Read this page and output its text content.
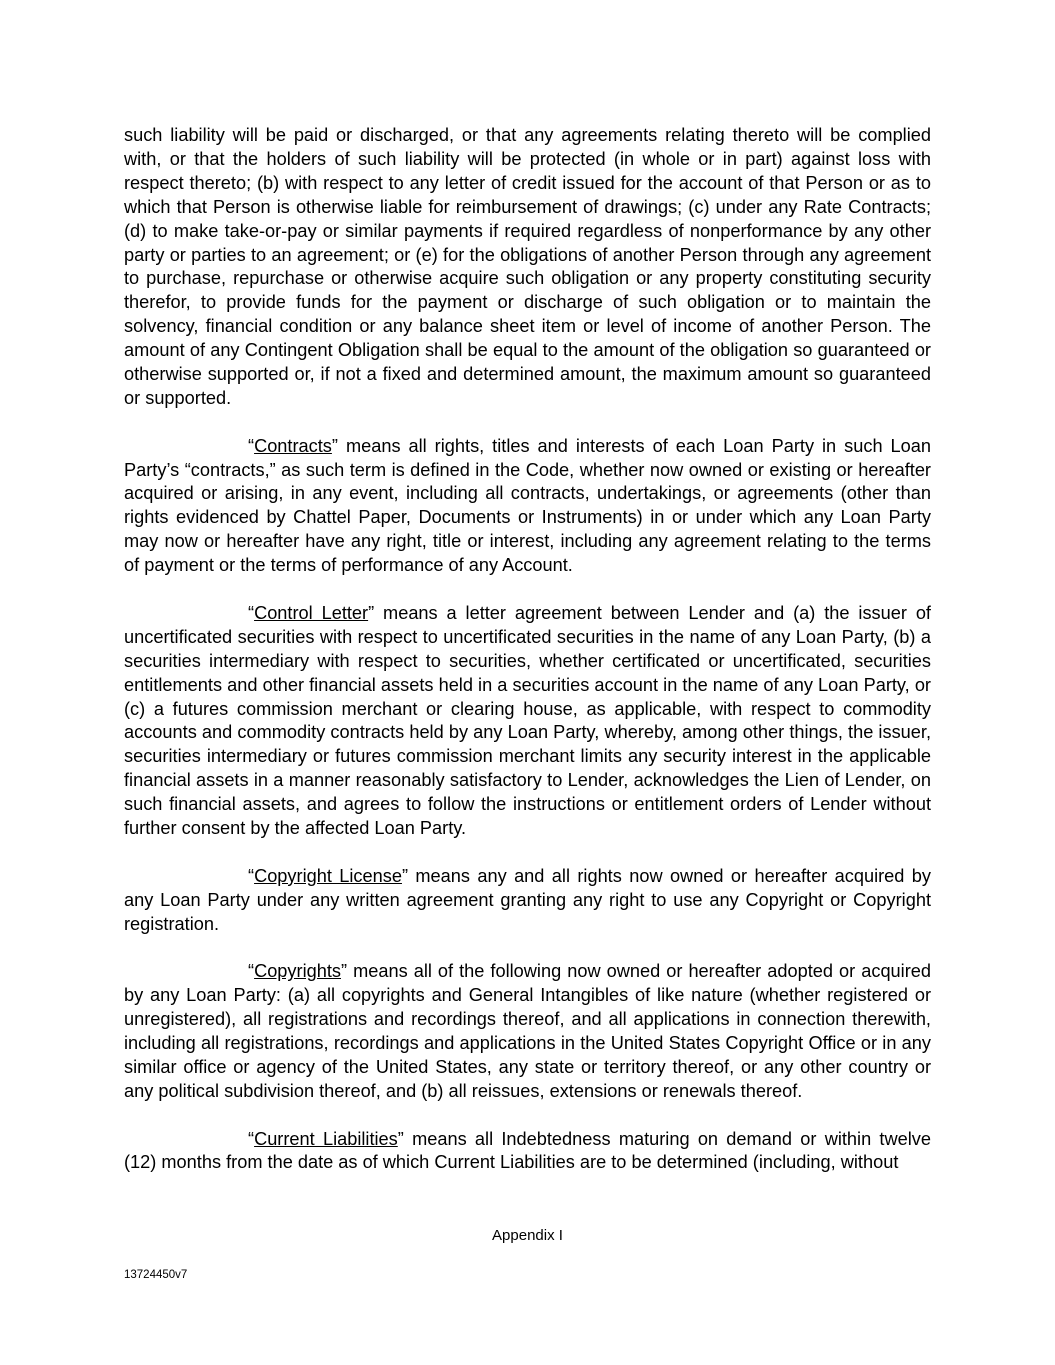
such liability will be paid or discharged, or that any agreements relating thereto will be complied with, or that the holders of such liability will be protected (in whole or in part) against loss with respect thereto; (b) with respect to any letter of credit issued for the account of that Person or as to which that Person is otherwise liable for reimbursement of drawings; (c) under any Rate Contracts; (d) to make take-or-pay or similar payments if required regardless of nonperformance by any other party or parties to an agreement; or (e) for the obligations of another Person through any agreement to purchase, repurchase or otherwise acquire such obligation or any property constituting security therefor, to provide funds for the payment or discharge of such obligation or to maintain the solvency, financial condition or any balance sheet item or level of income of another Person. The amount of any Contingent Obligation shall be equal to the amount of the obligation so guaranteed or otherwise supported or, if not a fixed and determined amount, the maximum amount so guaranteed or supported.

“Contracts” means all rights, titles and interests of each Loan Party in such Loan Party’s “contracts,” as such term is defined in the Code, whether now owned or existing or hereafter acquired or arising, in any event, including all contracts, undertakings, or agreements (other than rights evidenced by Chattel Paper, Documents or Instruments) in or under which any Loan Party may now or hereafter have any right, title or interest, including any agreement relating to the terms of payment or the terms of performance of any Account.

“Control Letter” means a letter agreement between Lender and (a) the issuer of uncertificated securities with respect to uncertificated securities in the name of any Loan Party, (b) a securities intermediary with respect to securities, whether certificated or uncertificated, securities entitlements and other financial assets held in a securities account in the name of any Loan Party, or (c) a futures commission merchant or clearing house, as applicable, with respect to commodity accounts and commodity contracts held by any Loan Party, whereby, among other things, the issuer, securities intermediary or futures commission merchant limits any security interest in the applicable financial assets in a manner reasonably satisfactory to Lender, acknowledges the Lien of Lender, on such financial assets, and agrees to follow the instructions or entitlement orders of Lender without further consent by the affected Loan Party.

“Copyright License” means any and all rights now owned or hereafter acquired by any Loan Party under any written agreement granting any right to use any Copyright or Copyright registration.

“Copyrights” means all of the following now owned or hereafter adopted or acquired by any Loan Party: (a) all copyrights and General Intangibles of like nature (whether registered or unregistered), all registrations and recordings thereof, and all applications in connection therewith, including all registrations, recordings and applications in the United States Copyright Office or in any similar office or agency of the United States, any state or territory thereof, or any other country or any political subdivision thereof, and (b) all reissues, extensions or renewals thereof.

“Current Liabilities” means all Indebtedness maturing on demand or within twelve (12) months from the date as of which Current Liabilities are to be determined (including, without

Appendix I
13724450v7
